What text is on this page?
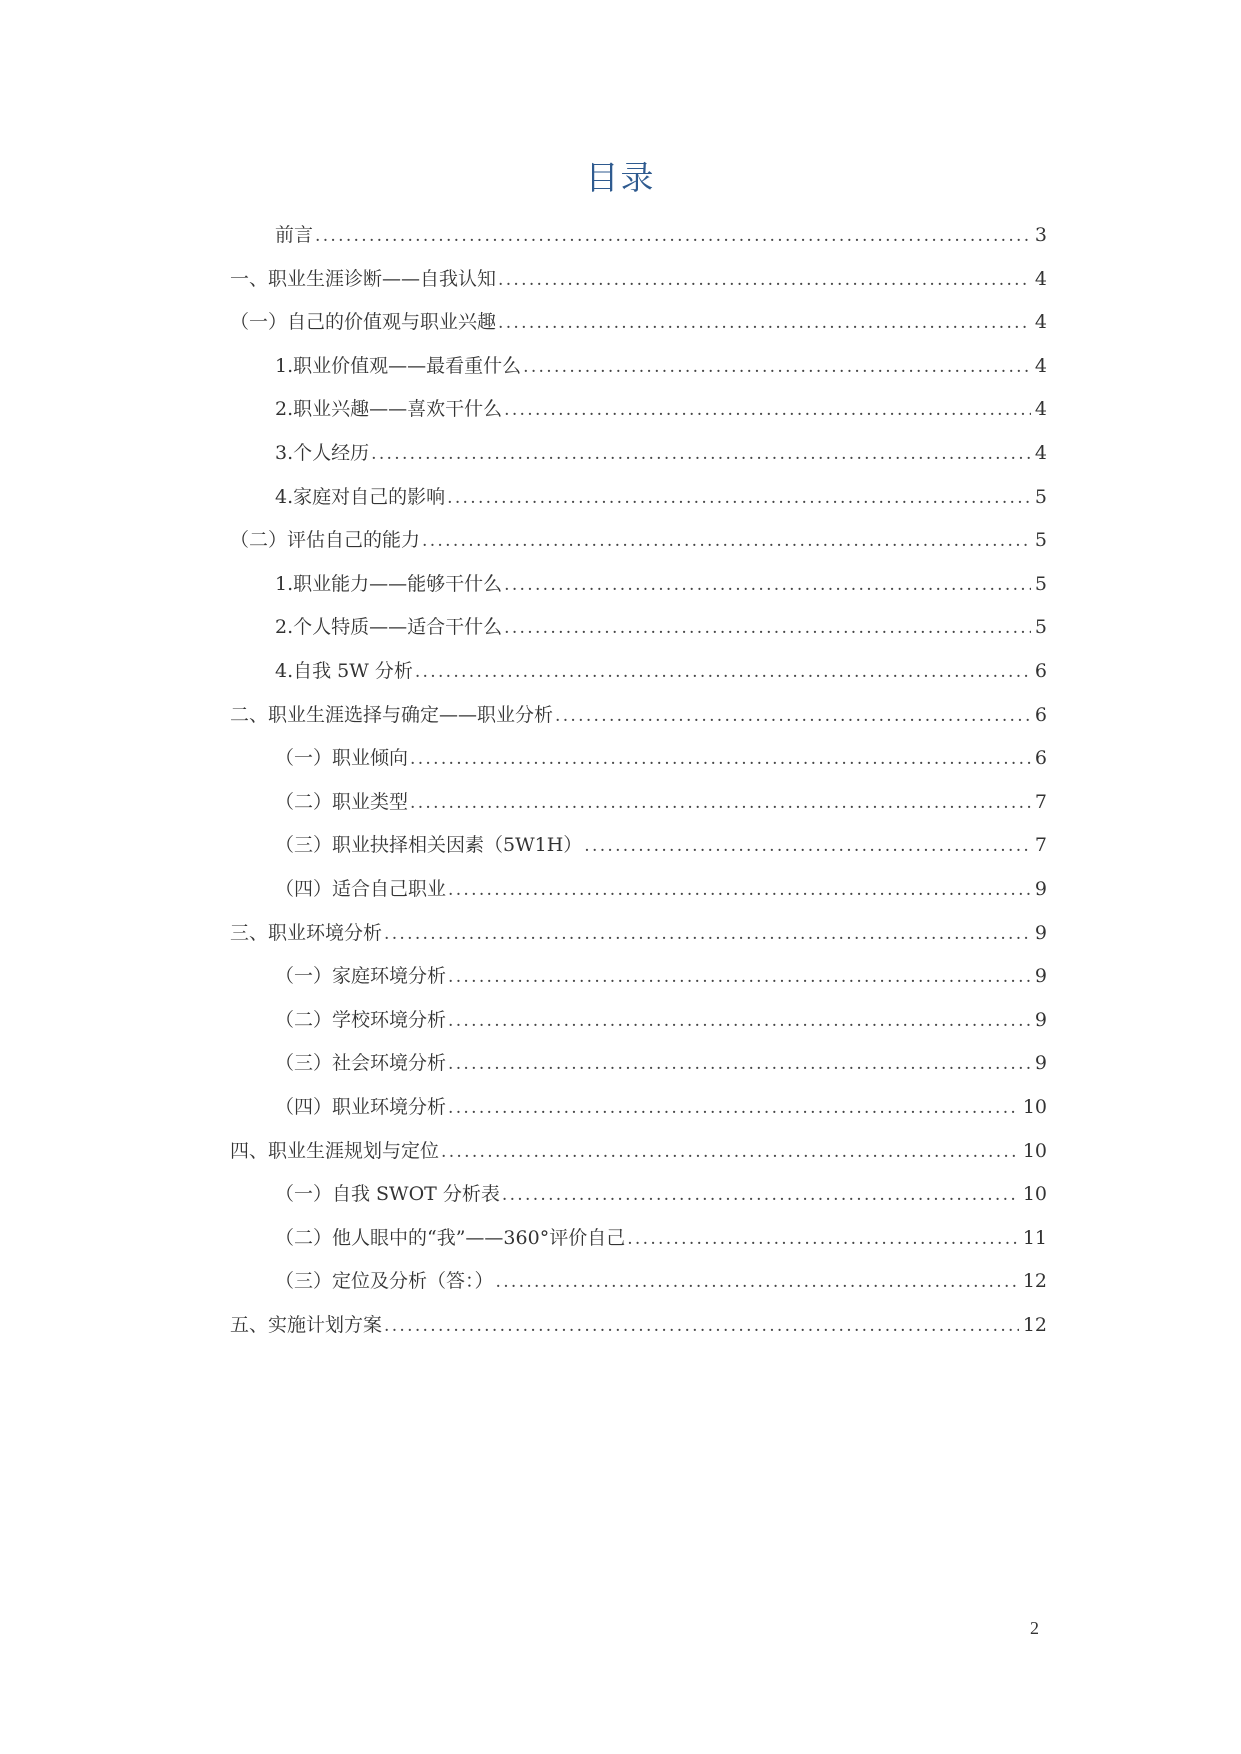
目录
前言 .....	3
一、职业生涯诊断——自我认知 .....	4
（一）自己的价值观与职业兴趣 .....	4
1.职业价值观——最看重什么 .....	4
2.职业兴趣——喜欢干什么 .....	4
3.个人经历 .....	4
4.家庭对自己的影响 .....	5
（二）评估自己的能力 .....	5
1.职业能力——能够干什么 .....	5
2.个人特质——适合干什么 .....	5
4.自我 5W 分析 .....	6
二、职业生涯选择与确定——职业分析 .....	6
（一）职业倾向 .....	6
（二）职业类型 .....	7
（三）职业抉择相关因素（5W1H） .....	7
（四）适合自己职业 .....	9
三、职业环境分析 .....	9
（一）家庭环境分析 .....	9
（二）学校环境分析 .....	9
（三）社会环境分析 .....	9
（四）职业环境分析 .....	10
四、职业生涯规划与定位 .....	10
（一）自我 SWOT 分析表 .....	10
（二）他人眼中的“我”——360°评价自己 .....	11
（三）定位及分析（答：） .....	12
五、实施计划方案 .....	12
2
